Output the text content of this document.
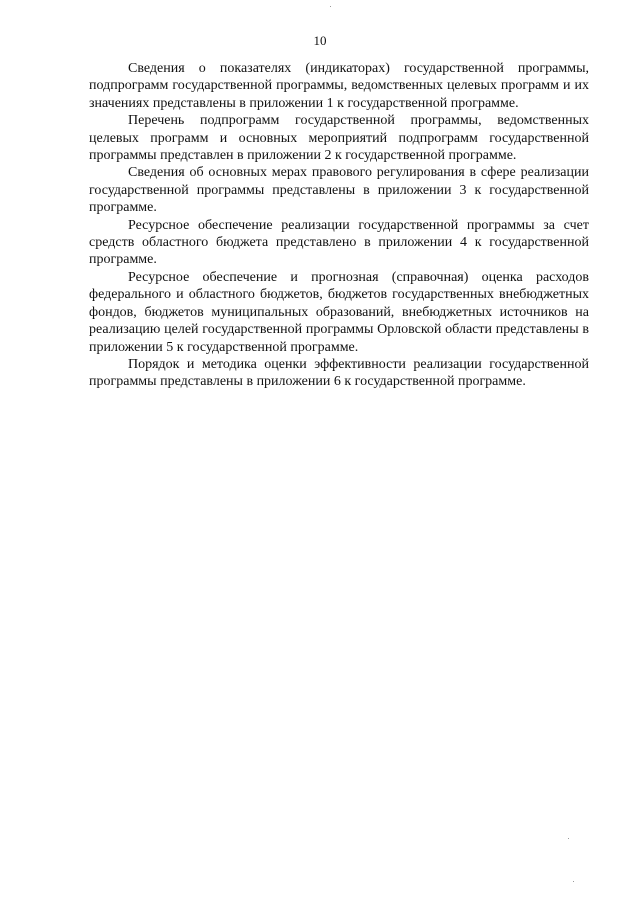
10

Сведения о показателях (индикаторах) государственной программы, подпрограмм государственной программы, ведомственных целевых программ и их значениях представлены в приложении 1 к государственной программе.

Перечень подпрограмм государственной программы, ведомственных целевых программ и основных мероприятий подпрограмм государственной программы представлен в приложении 2 к государственной программе.

Сведения об основных мерах правового регулирования в сфере реализации государственной программы представлены в приложении 3 к государственной программе.

Ресурсное обеспечение реализации государственной программы за счет средств областного бюджета представлено в приложении 4 к государственной программе.

Ресурсное обеспечение и прогнозная (справочная) оценка расходов федерального и областного бюджетов, бюджетов государственных внебюджетных фондов, бюджетов муниципальных образований, внебюджетных источников на реализацию целей государственной программы Орловской области представлены в приложении 5 к государственной программе.

Порядок и методика оценки эффективности реализации государственной программы представлены в приложении 6 к государственной программе.
